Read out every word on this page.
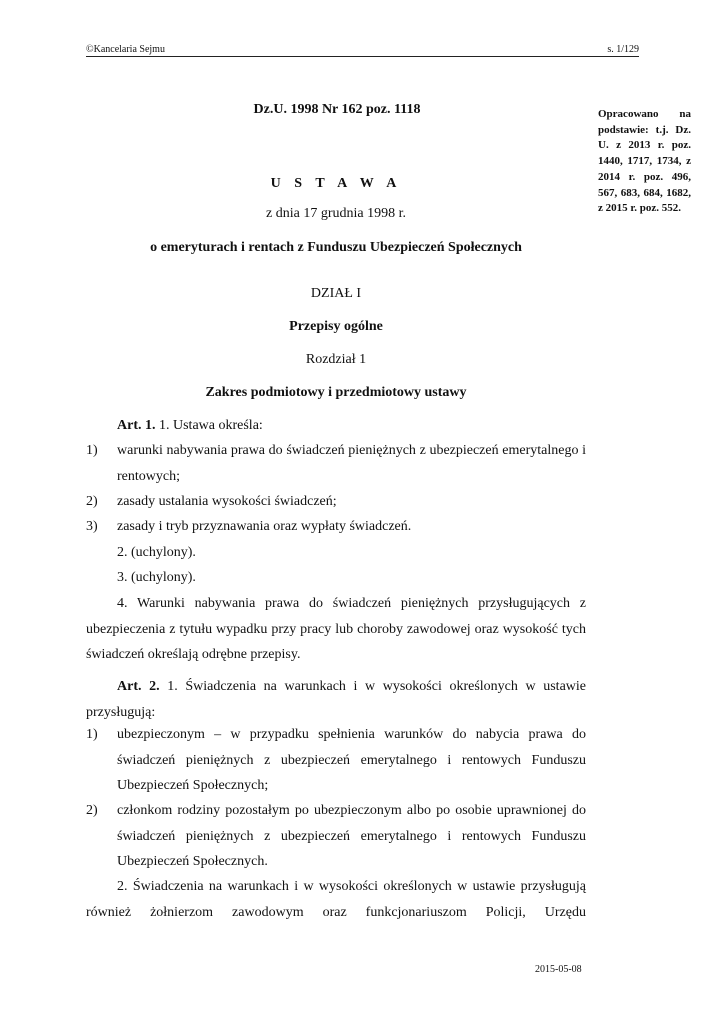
©Kancelaria Sejmu	s. 1/129
Dz.U. 1998 Nr 162 poz. 1118	Opracowano na podstawie: t.j. Dz. U. z 2013 r. poz. 1440, 1717, 1734, z 2014 r. poz. 496, 567, 683, 684, 1682, z 2015 r. poz. 552.
U S T A W A
z dnia 17 grudnia 1998 r.
o emeryturach i rentach z Funduszu Ubezpieczeń Społecznych
DZIAŁ I
Przepisy ogólne
Rozdział 1
Zakres podmiotowy i przedmiotowy ustawy
Art. 1. 1. Ustawa określa:
1) warunki nabywania prawa do świadczeń pieniężnych z ubezpieczeń emerytalnego i rentowych;
2) zasady ustalania wysokości świadczeń;
3) zasady i tryb przyznawania oraz wypłaty świadczeń.
2. (uchylony).
3. (uchylony).
4. Warunki nabywania prawa do świadczeń pieniężnych przysługujących z ubezpieczenia z tytułu wypadku przy pracy lub choroby zawodowej oraz wysokość tych świadczeń określają odrębne przepisy.
Art. 2. 1. Świadczenia na warunkach i w wysokości określonych w ustawie przysługują:
1) ubezpieczonym – w przypadku spełnienia warunków do nabycia prawa do świadczeń pieniężnych z ubezpieczeń emerytalnego i rentowych Funduszu Ubezpieczeń Społecznych;
2) członkom rodziny pozostałym po ubezpieczonym albo po osobie uprawnionej do świadczeń pieniężnych z ubezpieczeń emerytalnego i rentowych Funduszu Ubezpieczeń Społecznych.
2. Świadczenia na warunkach i w wysokości określonych w ustawie przysługują również żołnierzom zawodowym oraz funkcjonariuszom Policji, Urzędu
2015-05-08
